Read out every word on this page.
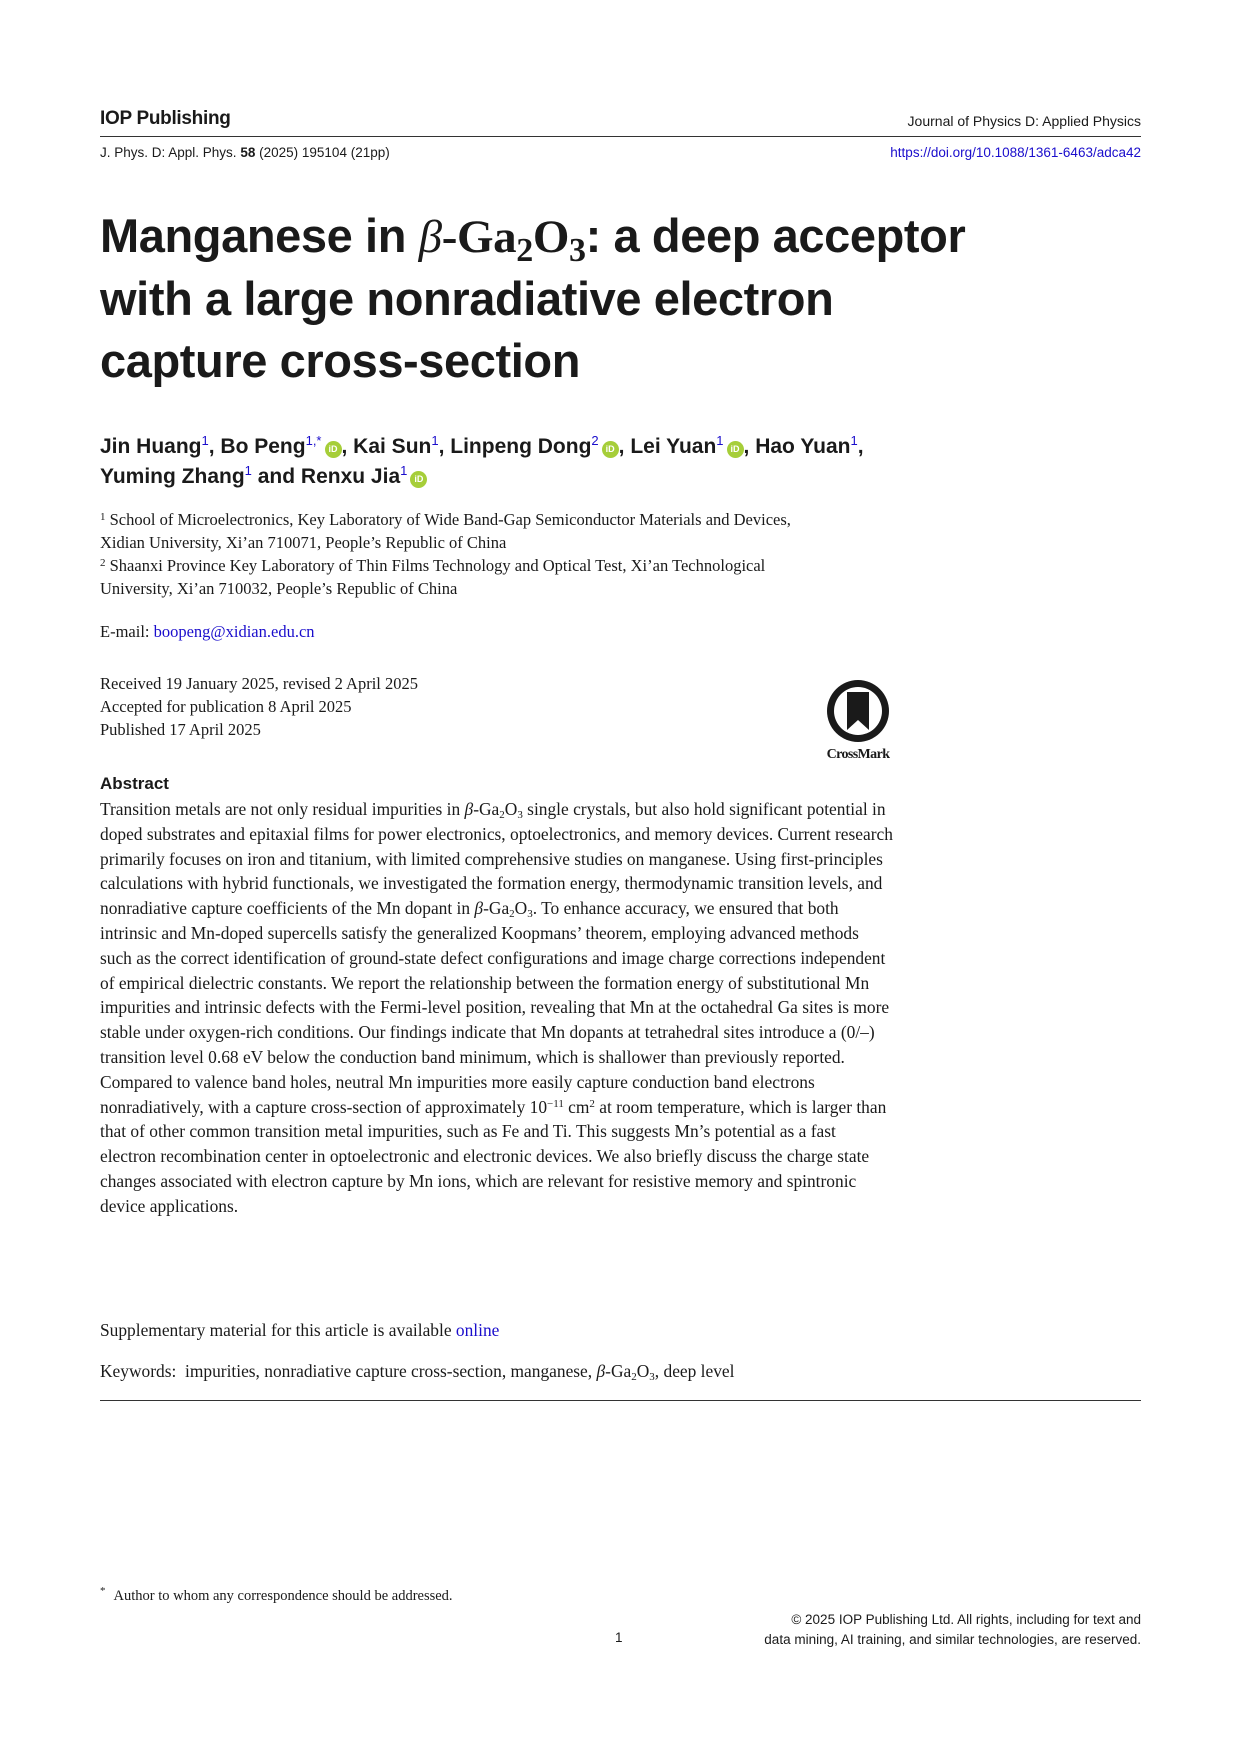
IOP Publishing	Journal of Physics D: Applied Physics
J. Phys. D: Appl. Phys. 58 (2025) 195104 (21pp)	https://doi.org/10.1088/1361-6463/adca42
Manganese in $\beta-Ga_2O_3$: a deep acceptor
with a large nonradiative electron
capture cross-section
Jin Huang$^1$, Bo Peng$^{1,*}$iD , Kai Sun$^1$, Linpeng Dong$^2$iD , Lei Yuan$^1$iD , Hao Yuan$^1$,
Yuming Zhang$^1$ and Renxu Jia$^1$iD
$^1$ School of Microelectronics, Key Laboratory of Wide Band-Gap Semiconductor Materials and Devices,
Xidian University, Xi’an 710071, People’s Republic of China
$^2$ Shaanxi Province Key Laboratory of Thin Films Technology and Optical Test, Xi’an Technological
University, Xi’an 710032, People’s Republic of China
E-mail: boopeng@xidian.edu.cn
Received 19 January 2025, revised 2 April 2025
Accepted for publication 8 April 2025
Published 17 April 2025
CrossMark
Abstract
Transition metals are not only residual impurities in $\beta-Ga_2O_3$ single crystals, but also hold significant potential in doped substrates and epitaxial films for power electronics, optoelectronics, and memory devices. Current research primarily focuses on iron and titanium, with limited comprehensive studies on manganese. Using first-principles calculations with hybrid functionals, we investigated the formation energy, thermodynamic transition levels, and nonradiative capture coefficients of the Mn dopant in $\beta-Ga_2O_3$. To enhance accuracy, we ensured that both intrinsic and Mn-doped supercells satisfy the generalized Koopmans’ theorem, employing advanced methods such as the correct identification of ground-state defect configurations and image charge corrections independent of empirical dielectric constants. We report the relationship between the formation energy of substitutional Mn impurities and intrinsic defects with the Fermi-level position, revealing that Mn at the octahedral Ga sites is more stable under oxygen-rich conditions. Our findings indicate that Mn dopants at tetrahedral sites introduce a (0/–) transition level 0.68 eV below the conduction band minimum, which is shallower than previously reported. Compared to valence band holes, neutral Mn impurities more easily capture conduction band electrons nonradiatively, with a capture cross-section of approximately $10^{-11}$ $cm^2$ at room temperature, which is larger than that of other common transition metal impurities, such as Fe and Ti. This suggests Mn’s potential as a fast electron recombination center in optoelectronic and electronic devices. We also briefly discuss the charge state changes associated with electron capture by Mn ions, which are relevant for resistive memory and spintronic device applications.
Supplementary material for this article is available online
Keywords: impurities, nonradiative capture cross-section, manganese, $\beta-Ga_2O_3$, deep level
* Author to whom any correspondence should be addressed.
1
© 2025 IOP Publishing Ltd. All rights, including for text and
data mining, AI training, and similar technologies, are reserved.
